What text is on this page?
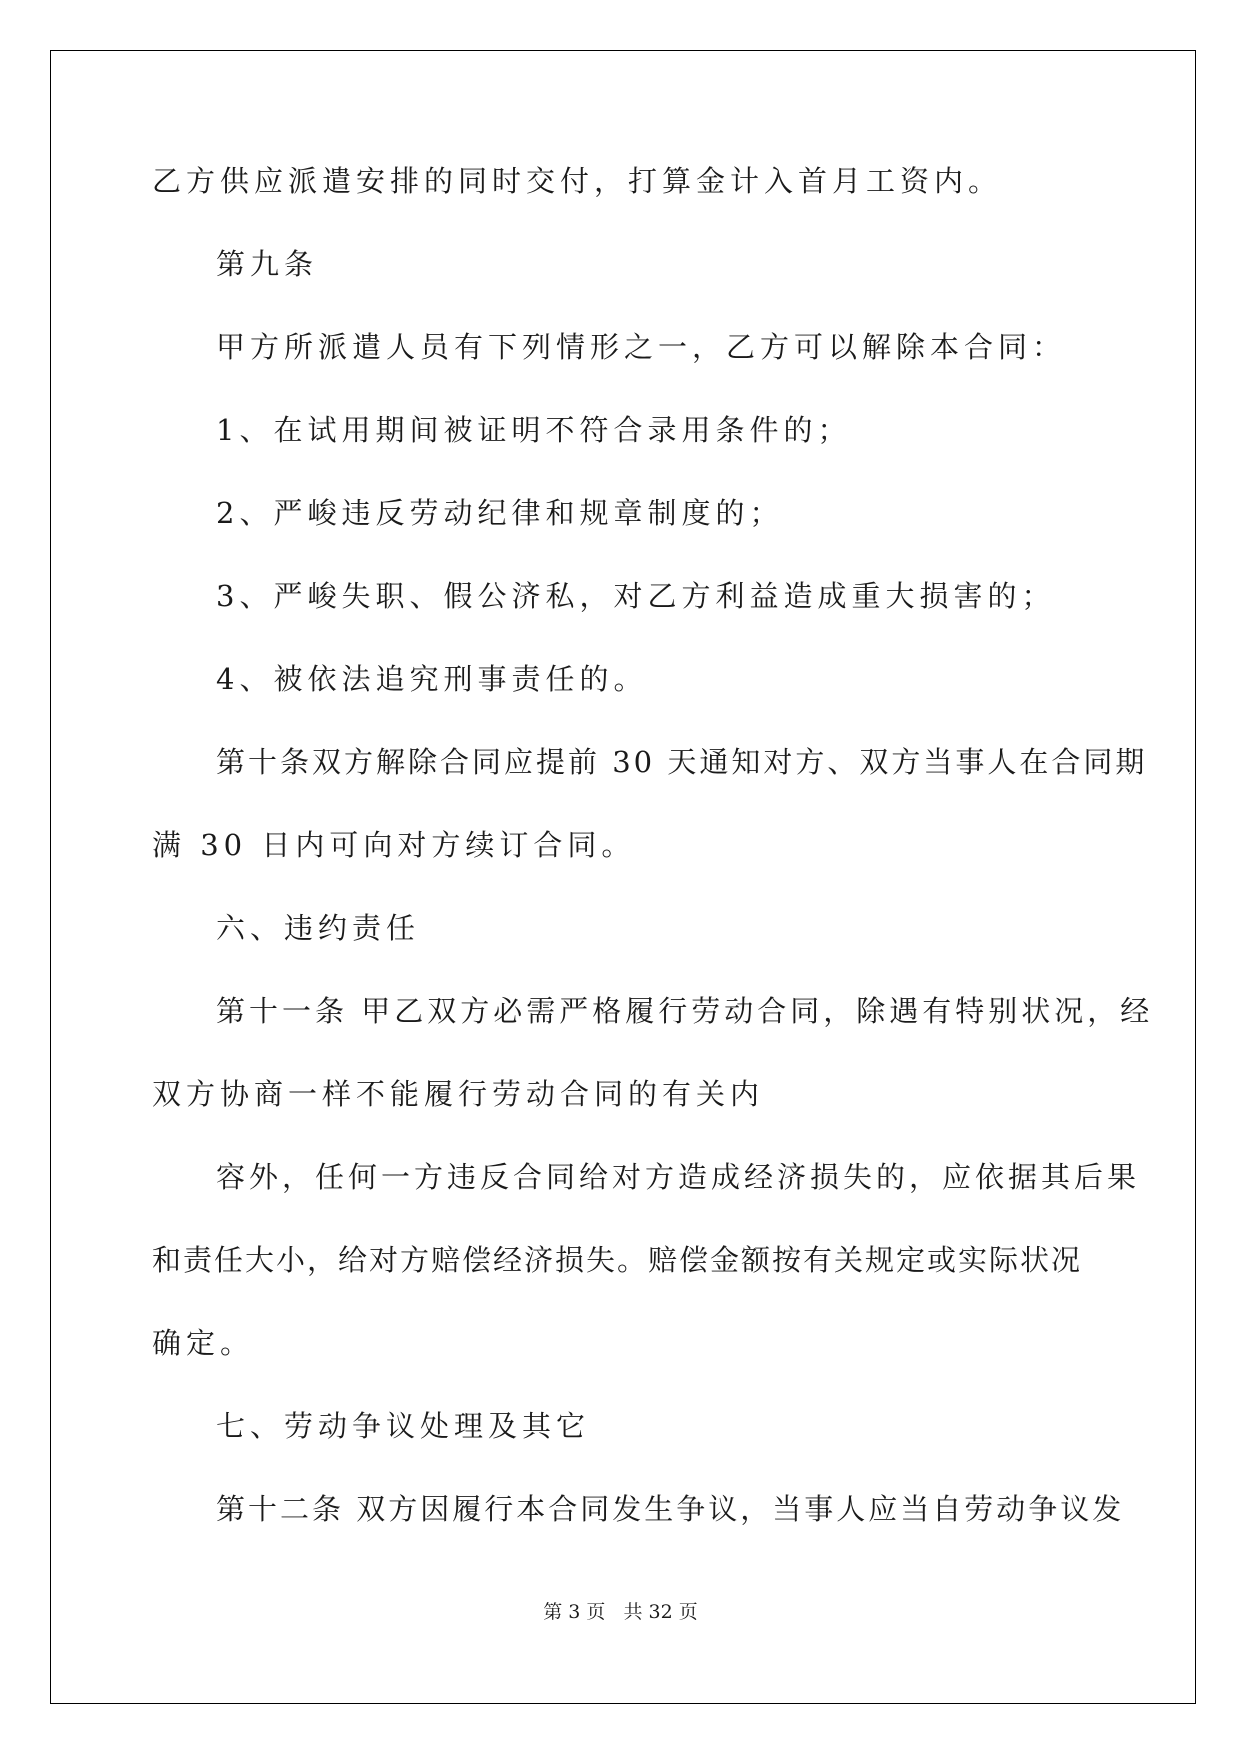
乙方供应派遣安排的同时交付，打算金计入首月工资内。
第九条
甲方所派遣人员有下列情形之一，乙方可以解除本合同：
1、在试用期间被证明不符合录用条件的；
2、严峻违反劳动纪律和规章制度的；
3、严峻失职、假公济私，对乙方利益造成重大损害的；
4、被依法追究刑事责任的。
第十条双方解除合同应提前 30 天通知对方、双方当事人在合同期
满 30 日内可向对方续订合同。
六、违约责任
第十一条 甲乙双方必需严格履行劳动合同，除遇有特别状况，经
双方协商一样不能履行劳动合同的有关内
容外，任何一方违反合同给对方造成经济损失的，应依据其后果
和责任大小，给对方赔偿经济损失。赔偿金额按有关规定或实际状况
确定。
七、劳动争议处理及其它
第十二条 双方因履行本合同发生争议，当事人应当自劳动争议发
第 3 页 共 32 页
